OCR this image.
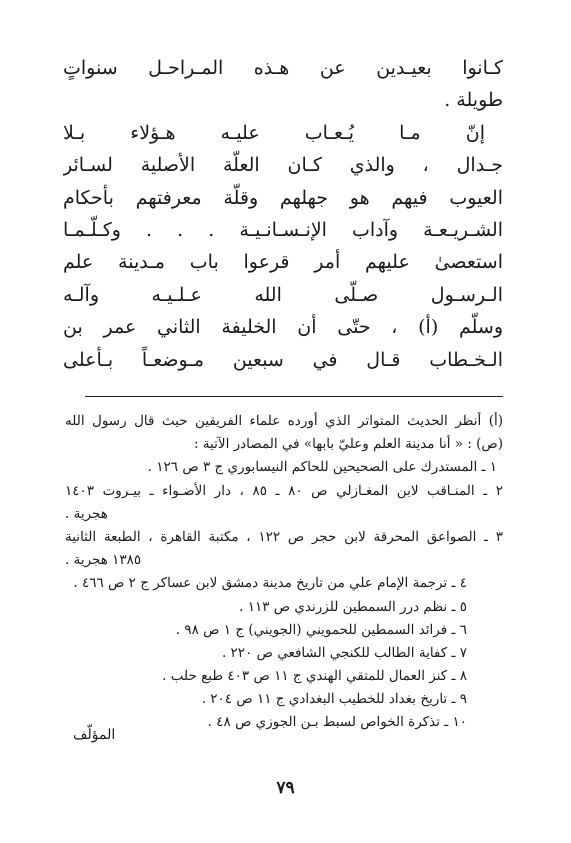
كـانوا بعيـدين عن هـذه المـراحـل سنواتٍ
طويلة .
إنّ مـا يُـعـاب عليـه هـؤلاء بـلا
جـدال ، والذي كـان العلّة الأصلية لسـائر
العيوب فيهم هو جهلهم وقلّة معرفتهم بأحكام
الشـريـعـة وآداب الإنـسـانـيـة . . . وكـلّـمـا
استعصىٰ عليهم أمر قرعوا باب مـدينة علم
الـرسـول صـلّى الله عـلـيـه وآلـه
وسلّم (أ) ، حتّى أن الخليفة الثاني عمر بن
الـخـطاب قـال في سبعين مـوضعـاً بـأعلى
(أ) أنظر الحديث المتواتر الذي أورده علماء الفريقين حيث قال رسول الله
(ص) : « أنا مدينة العلم وعليّ بابها» في المصادر الآتية :
١ ـ المستدرك على الصحيحين للحاكم النيسابوري ج ٣ ص ١٢٦ .
٢ ـ المنـاقب لابن المغـازلي ص ٨٠ ـ ٨٥ ، دار الأضـواء ـ بيـروت ١٤٠٣
هجرية .
٣ ـ الصواعق المحرقة لابن حجر ص ١٢٢ ، مكتبة القاهرة ، الطبعة الثانية
١٣٨٥ هجرية .
٤ ـ ترجمة الإمام علي من تاريخ مدينة دمشق لابن عساكر ج ٢ ص ٤٦٦ .
٥ ـ نظم درر السمطين للزرندي ص ١١٣ .
٦ ـ فرائد السمطين للحمويني (الجويني) ج ١ ص ٩٨ .
٧ ـ كفاية الطالب للكنجي الشافعي ص ٢٢٠ .
٨ ـ كنز العمال للمتقي الهندي ج ١١ ص ٤٠٣ طبع حلب .
٩ ـ تاريخ بغداد للخطيب البغدادي ج ١١ ص ٢٠٤ .
١٠ ـ تذكرة الخواص لسبط بـن الجوزي ص ٤٨ .
المؤلّف
٧٩
